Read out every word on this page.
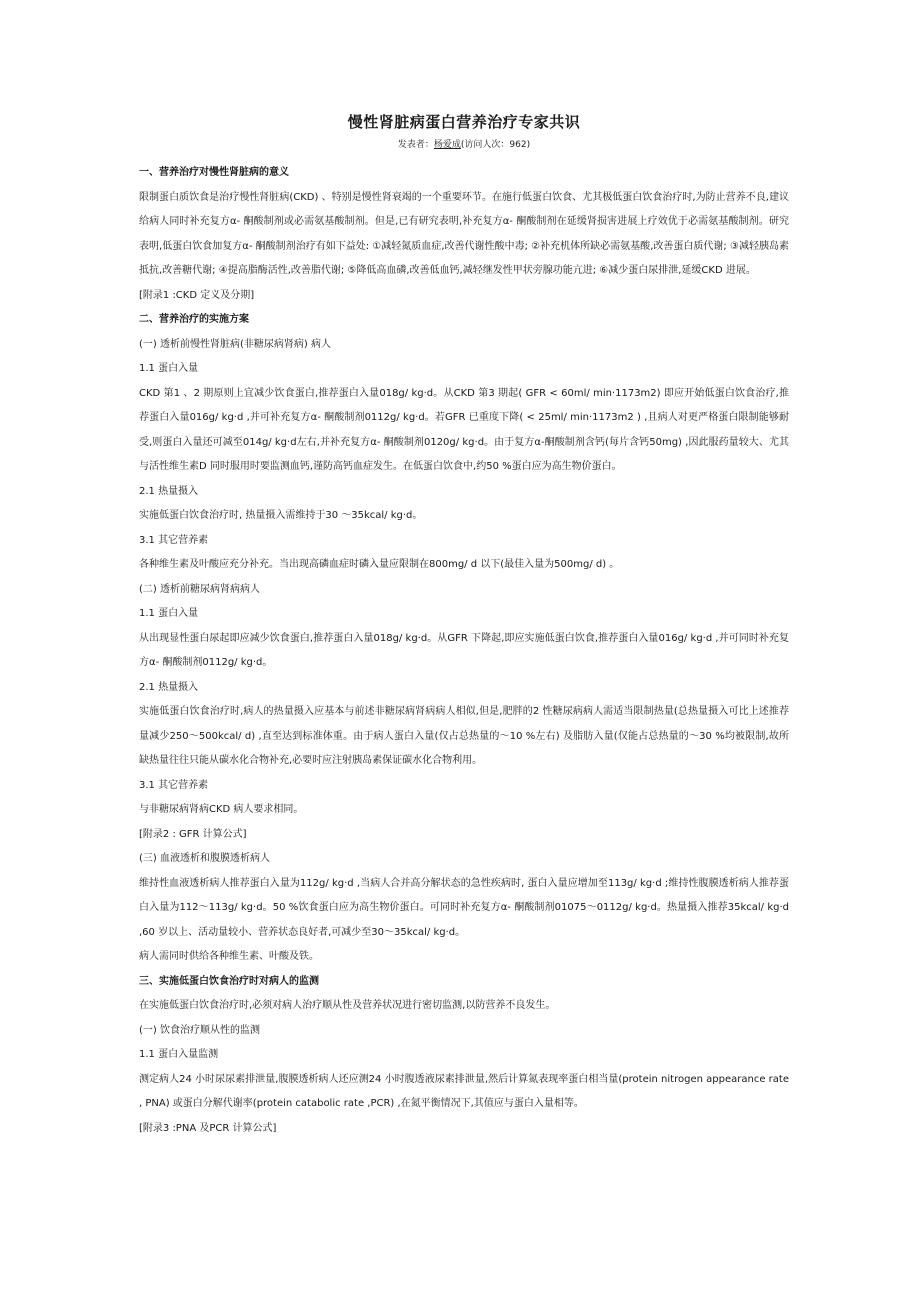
慢性肾脏病蛋白营养治疗专家共识
发表者：杨爱成(访问人次：962)

一、营养治疗对慢性肾脏病的意义

限制蛋白质饮食是治疗慢性肾脏病(CKD) 、特别是慢性肾衰竭的一个重要环节。在施行低蛋白饮食、尤其极低蛋白饮食治疗时,为防止营养不良,建议给病人同时补充复方α- 酮酸制剂或必需氨基酸制剂。但是,已有研究表明,补充复方α- 酮酸制剂在延缓肾损害进展上疗效优于必需氨基酸制剂。研究表明,低蛋白饮食加复方α- 酮酸制剂治疗有如下益处: ①减轻氮质血症,改善代谢性酸中毒; ②补充机体所缺必需氨基酸,改善蛋白质代谢; ③减轻胰岛素抵抗,改善糖代谢; ④提高脂酶活性,改善脂代谢; ⑤降低高血磷,改善低血钙,减轻继发性甲状旁腺功能亢进; ⑥减少蛋白尿排泄,延缓CKD 进展。

[附录1 :CKD 定义及分期]

二、营养治疗的实施方案

(一) 透析前慢性肾脏病(非糖尿病肾病) 病人

1.1 蛋白入量

CKD 第1 、2 期原则上宜减少饮食蛋白,推荐蛋白入量018g/ kg·d。从CKD 第3 期起( GFR < 60ml/ min·1173m2) 即应开始低蛋白饮食治疗,推荐蛋白入量016g/ kg·d ,并可补充复方α- 酮酸制剂0112g/ kg·d。若GFR 已重度下降( < 25ml/ min·1173m2 ) ,且病人对更严格蛋白限制能够耐受,则蛋白入量还可减至014g/ kg·d左右,并补充复方α- 酮酸制剂0120g/ kg·d。由于复方α-酮酸制剂含钙(每片含钙50mg) ,因此服药量较大、尤其与活性维生素D 同时服用时要监测血钙,谨防高钙血症发生。在低蛋白饮食中,约50 %蛋白应为高生物价蛋白。

2.1 热量摄入

实施低蛋白饮食治疗时, 热量摄入需维持于30 ～35kcal/ kg·d。

3.1 其它营养素

各种维生素及叶酸应充分补充。当出现高磷血症时磷入量应限制在800mg/ d 以下(最佳入量为500mg/ d) 。

(二) 透析前糖尿病肾病病人

1.1 蛋白入量

从出现显性蛋白尿起即应减少饮食蛋白,推荐蛋白入量018g/ kg·d。从GFR 下降起,即应实施低蛋白饮食,推荐蛋白入量016g/ kg·d ,并可同时补充复方α- 酮酸制剂0112g/ kg·d。

2.1 热量摄入

实施低蛋白饮食治疗时,病人的热量摄入应基本与前述非糖尿病肾病病人相似,但是,肥胖的2 性糖尿病病人需适当限制热量(总热量摄入可比上述推荐量减少250～500kcal/ d) ,直至达到标准体重。由于病人蛋白入量(仅占总热量的～10 %左右) 及脂肪入量(仅能占总热量的～30 %均被限制,故所缺热量往往只能从碳水化合物补充,必要时应注射胰岛素保证碳水化合物利用。

3.1 其它营养素

与非糖尿病肾病CKD 病人要求相同。

[附录2 : GFR 计算公式]

(三) 血液透析和腹膜透析病人

维持性血液透析病人推荐蛋白入量为112g/ kg·d ,当病人合并高分解状态的急性疾病时, 蛋白入量应增加至113g/ kg·d ;维持性腹膜透析病人推荐蛋白入量为112～113g/ kg·d。50 %饮食蛋白应为高生物价蛋白。可同时补充复方α- 酮酸制剂01075～0112g/ kg·d。热量摄入推荐35kcal/ kg·d ,60 岁以上、活动量较小、营养状态良好者,可减少至30～35kcal/ kg·d。

病人需同时供给各种维生素、叶酸及铁。

三、实施低蛋白饮食治疗时对病人的监测

在实施低蛋白饮食治疗时,必须对病人治疗顺从性及营养状况进行密切监测,以防营养不良发生。

(一) 饮食治疗顺从性的监测

1.1 蛋白入量监测

测定病人24 小时尿尿素排泄量,腹膜透析病人还应测24 小时腹透液尿素排泄量,然后计算氮表现率蛋白相当量(protein nitrogen appearance rate , PNA) 或蛋白分解代谢率(protein catabolic rate ,PCR) ,在氮平衡情况下,其值应与蛋白入量相等。

[附录3 :PNA 及PCR 计算公式]
